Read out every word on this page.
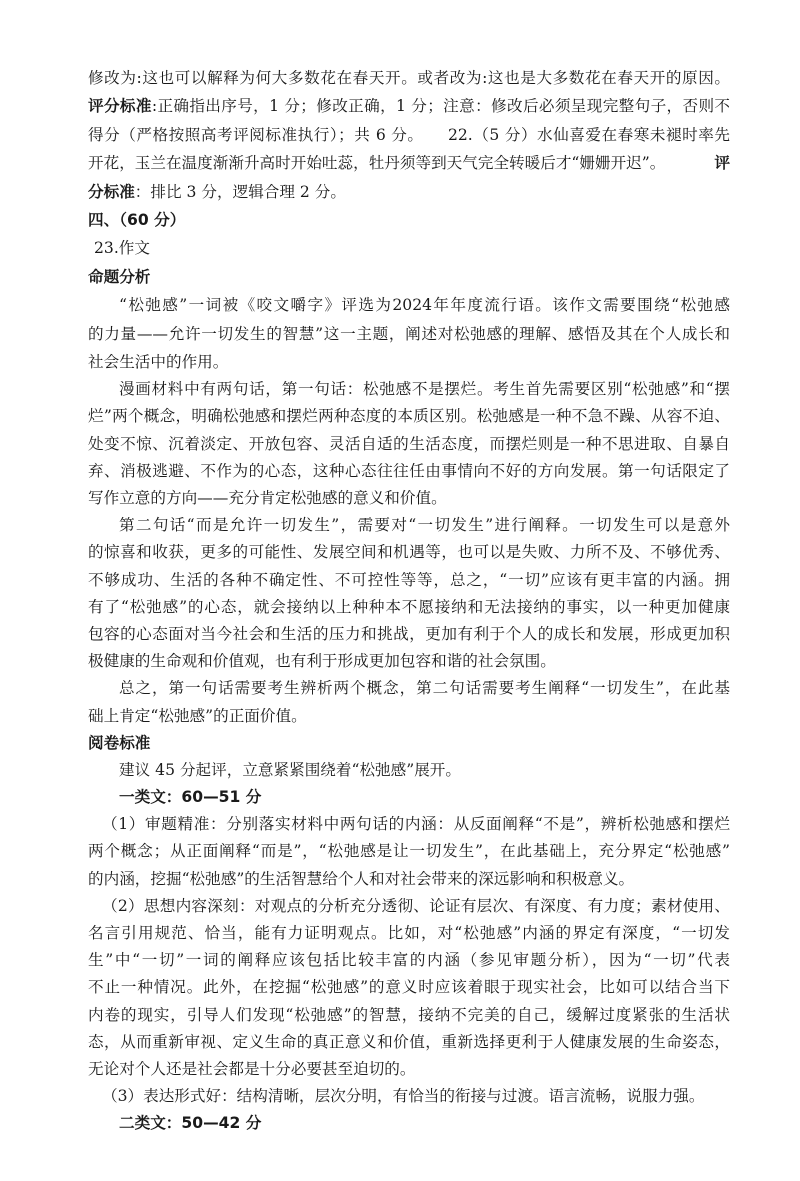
修改为:这也可以解释为何大多数花在春天开。或者改为:这也是大多数花在春天开的原因。
评分标准:正确指出序号，1 分；修改正确，1 分；注意：修改后必须呈现完整句子，否则不
得分（严格按照高考评阅标准执行）；共 6 分。　　22.（5 分）水仙喜爱在春寒未褪时率先
开花，玉兰在温度渐渐升高时开始吐蕊，牡丹须等到天气完全转暖后才“姗姗开迟”。	评
分标准：排比 3 分，逻辑合理 2 分。
四、（60 分）
23.作文
命题分析
“松弛感”一词被《咬文嚼字》评选为2024年年度流行语。该作文需要围绕“松弛感
的力量——允许一切发生的智慧”这一主题，阐述对松弛感的理解、感悟及其在个人成长和
社会生活中的作用。
漫画材料中有两句话，第一句话：松弛感不是摆烂。考生首先需要区别“松弛感”和“摆
烂”两个概念，明确松弛感和摆烂两种态度的本质区别。松弛感是一种不急不躁、从容不迫、
处变不惊、沉着淡定、开放包容、灵活自适的生活态度，而摆烂则是一种不思进取、自暴自
弃、消极逃避、不作为的心态，这种心态往往任由事情向不好的方向发展。第一句话限定了
写作立意的方向——充分肯定松弛感的意义和价值。
第二句话“而是允许一切发生”，需要对“一切发生”进行阐释。一切发生可以是意外
的惊喜和收获，更多的可能性、发展空间和机遇等，也可以是失败、力所不及、不够优秀、
不够成功、生活的各种不确定性、不可控性等等，总之，“一切”应该有更丰富的内涵。拥
有了“松弛感”的心态，就会接纳以上种种本不愿接纳和无法接纳的事实，以一种更加健康
包容的心态面对当今社会和生活的压力和挑战，更加有利于个人的成长和发展，形成更加积
极健康的生命观和价值观，也有利于形成更加包容和谐的社会氛围。
总之，第一句话需要考生辨析两个概念，第二句话需要考生阐释“一切发生”，在此基
础上肯定“松弛感”的正面价值。
阅卷标准
建议 45 分起评，立意紧紧围绕着“松弛感”展开。
一类文：60—51 分
（1）审题精准：分别落实材料中两句话的内涵：从反面阐释“不是”，辨析松弛感和摆烂
两个概念；从正面阐释“而是”，“松弛感是让一切发生”，在此基础上，充分界定“松弛感”
的内涵，挖掘“松弛感”的生活智慧给个人和对社会带来的深远影响和积极意义。
（2）思想内容深刻：对观点的分析充分透彻、论证有层次、有深度、有力度；素材使用、
名言引用规范、恰当，能有力证明观点。比如，对“松弛感”内涵的界定有深度，“一切发
生”中“一切”一词的阐释应该包括比较丰富的内涵（参见审题分析），因为“一切”代表
不止一种情况。此外，在挖掘“松弛感”的意义时应该着眼于现实社会，比如可以结合当下
内卷的现实，引导人们发现“松弛感”的智慧，接纳不完美的自己，缓解过度紧张的生活状
态，从而重新审视、定义生命的真正意义和价值，重新选择更利于人健康发展的生命姿态，
无论对个人还是社会都是十分必要甚至迫切的。
（3）表达形式好：结构清晰，层次分明，有恰当的衔接与过渡。语言流畅，说服力强。
二类文：50—42 分
